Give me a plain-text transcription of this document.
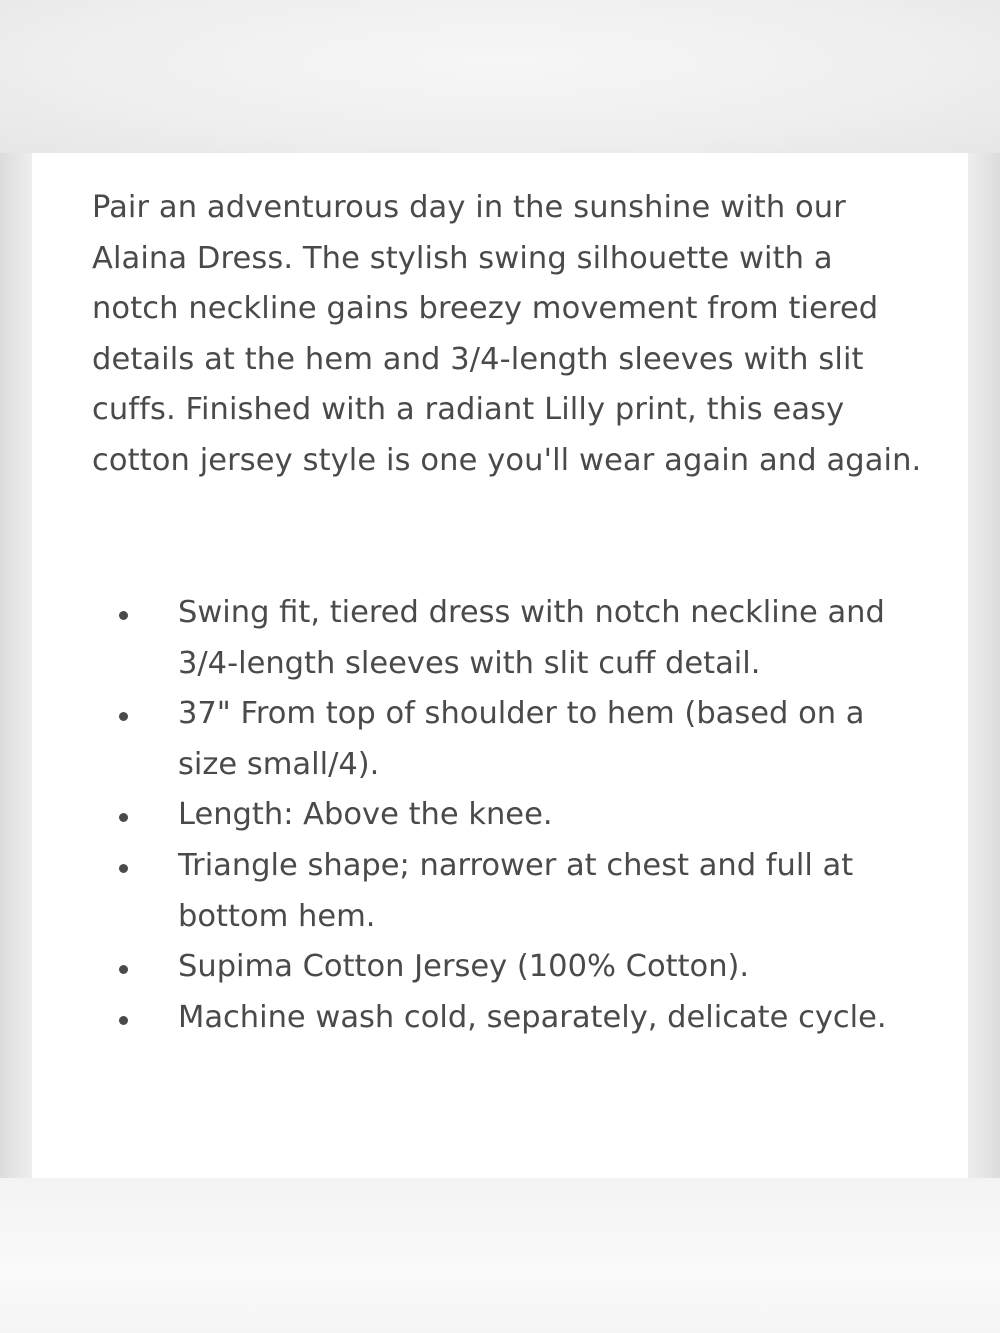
Pair an adventurous day in the sunshine with our Alaina Dress. The stylish swing silhouette with a notch neckline gains breezy movement from tiered details at the hem and 3/4-length sleeves with slit cuffs. Finished with a radiant Lilly print, this easy cotton jersey style is one you'll wear again and again.

Swing fit, tiered dress with notch neckline and 3/4-length sleeves with slit cuff detail.
37" From top of shoulder to hem (based on a size small/4).
Length: Above the knee.
Triangle shape; narrower at chest and full at bottom hem.
Supima Cotton Jersey (100% Cotton).
Machine wash cold, separately, delicate cycle.
